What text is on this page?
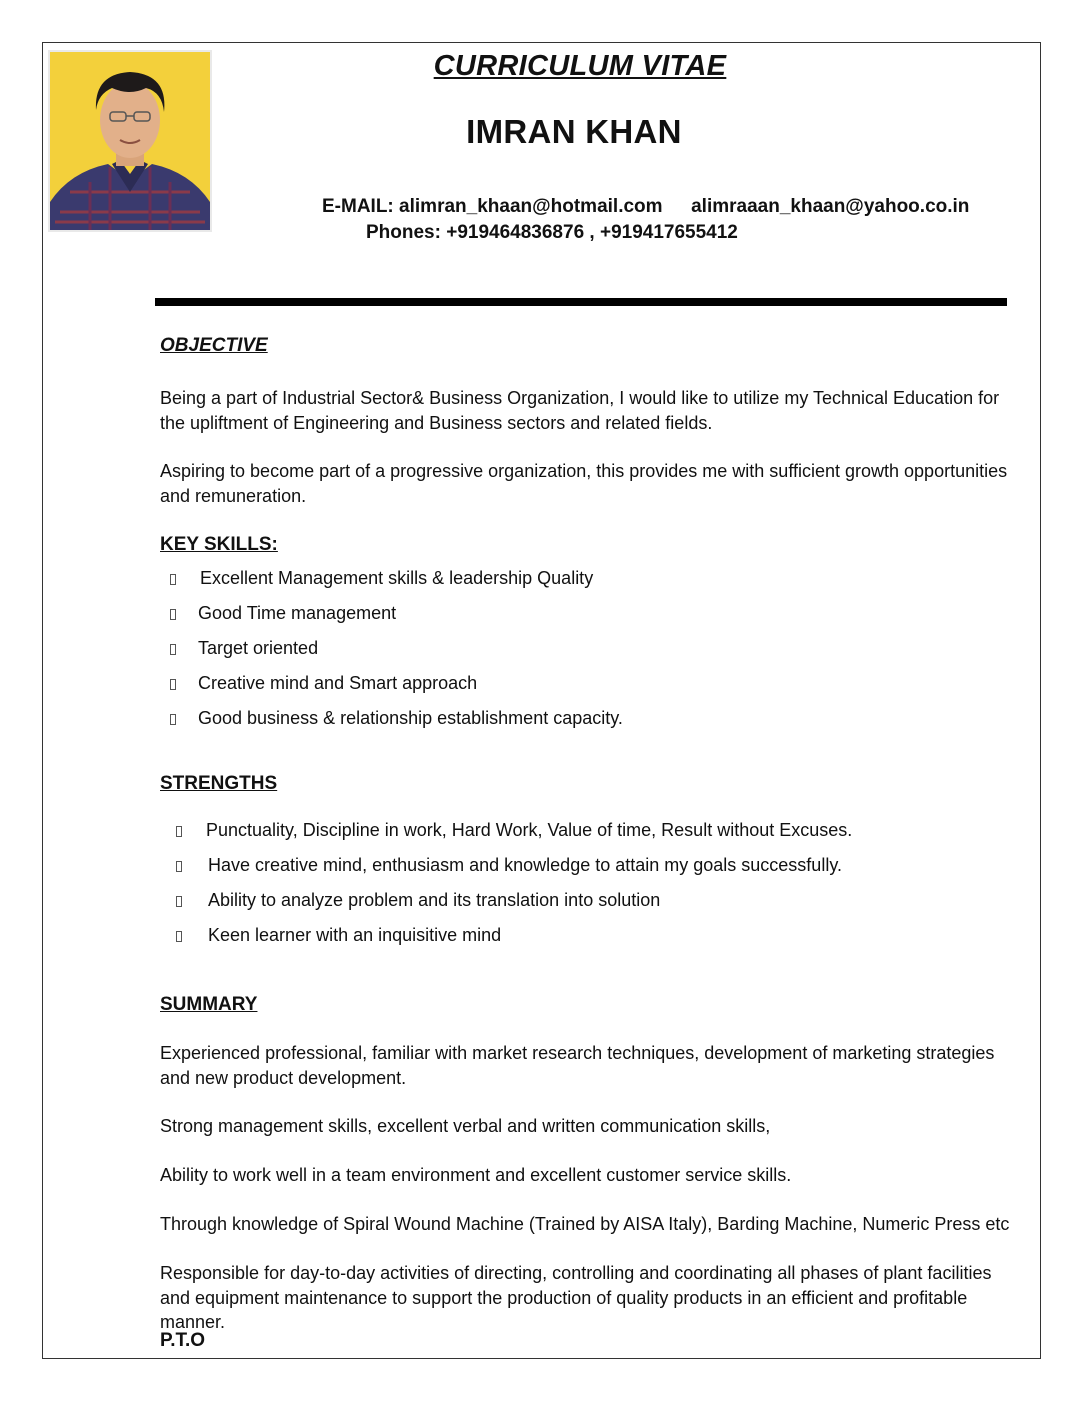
CURRICULUM VITAE
IMRAN KHAN
E-MAIL: alimran_khaan@hotmail.com alimraaan_khaan@yahoo.co.in
Phones: +919464836876 , +919417655412
OBJECTIVE
Being a part of Industrial Sector& Business Organization, I would like to utilize my Technical Education for the upliftment of Engineering and Business sectors and related fields.
Aspiring to become part of a progressive organization, this provides me with sufficient growth opportunities and remuneration.
KEY SKILLS:
Excellent Management skills & leadership Quality
Good Time management
Target oriented
Creative mind and Smart approach
Good business & relationship establishment capacity.
STRENGTHS
Punctuality, Discipline in work, Hard Work, Value of time, Result without Excuses.
Have creative mind, enthusiasm and knowledge to attain my goals successfully.
Ability to analyze problem and its translation into solution
Keen learner with an inquisitive mind
SUMMARY
Experienced professional, familiar with market research techniques, development of marketing strategies and new product development.
Strong management skills, excellent verbal and written communication skills,
Ability to work well in a team environment and excellent customer service skills.
Through knowledge of Spiral Wound Machine (Trained by AISA Italy), Barding Machine, Numeric Press etc
Responsible for day-to-day activities of directing, controlling and coordinating all phases of plant facilities and equipment maintenance to support the production of quality products in an efficient and profitable manner.
P.T.O
